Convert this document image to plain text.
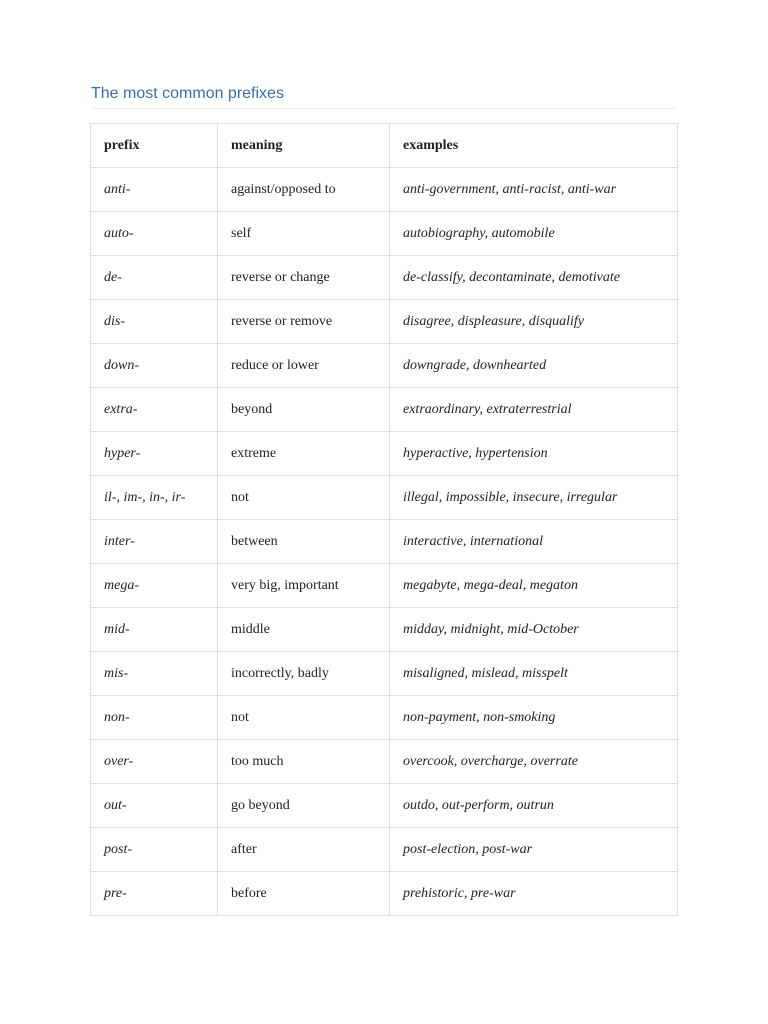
The most common prefixes
prefix	meaning	examples
anti-	against/opposed to	anti-government, anti-racist, anti-war
auto-	self	autobiography, automobile
de-	reverse or change	de-classify, decontaminate, demotivate
dis-	reverse or remove	disagree, displeasure, disqualify
down-	reduce or lower	downgrade, downhearted
extra-	beyond	extraordinary, extraterrestrial
hyper-	extreme	hyperactive, hypertension
il-, im-, in-, ir-	not	illegal, impossible, insecure, irregular
inter-	between	interactive, international
mega-	very big, important	megabyte, mega-deal, megaton
mid-	middle	midday, midnight, mid-October
mis-	incorrectly, badly	misaligned, mislead, misspelt
non-	not	non-payment, non-smoking
over-	too much	overcook, overcharge, overrate
out-	go beyond	outdo, out-perform, outrun
post-	after	post-election, post-war
pre-	before	prehistoric, pre-war
